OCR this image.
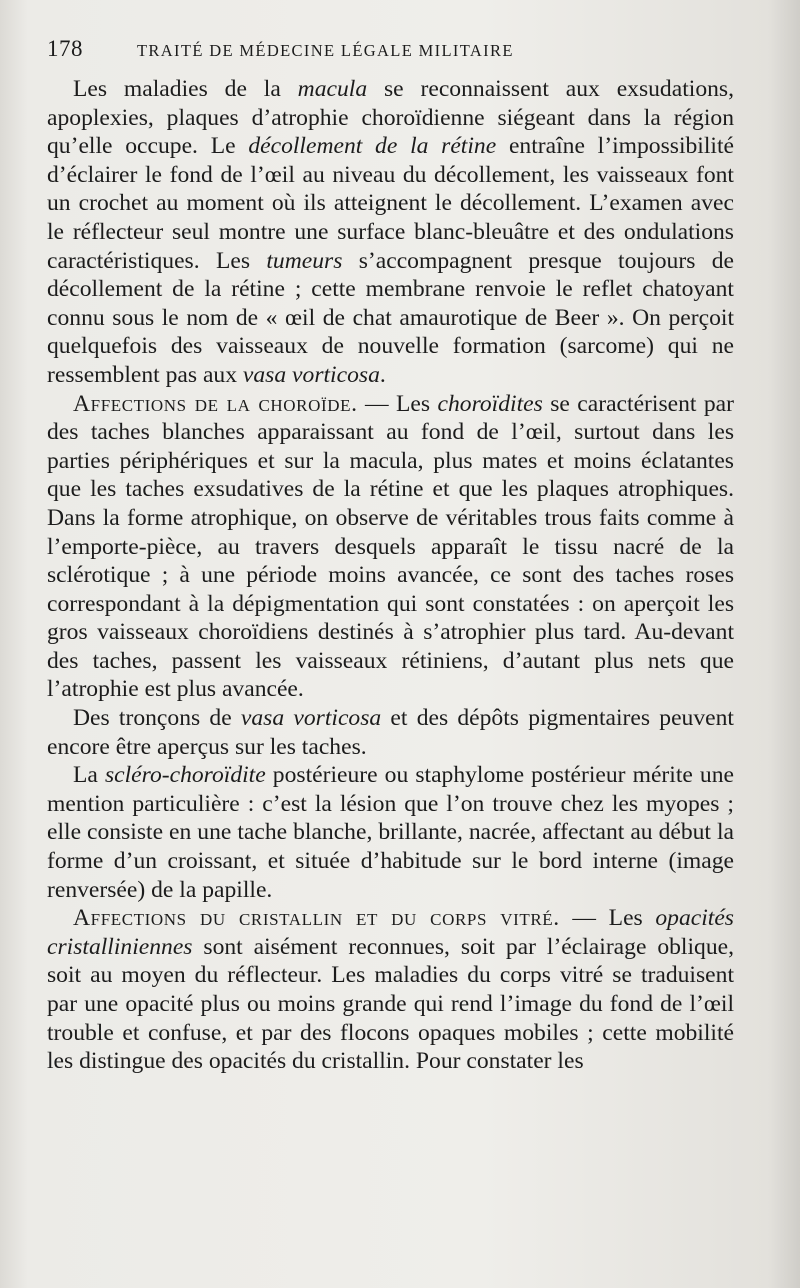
178	TRAITÉ DE MÉDECINE LÉGALE MILITAIRE

Les maladies de la macula se reconnaissent aux exsudations, apoplexies, plaques d’atrophie choroïdienne siégeant dans la région qu’elle occupe. Le décollement de la rétine entraîne l’impossibilité d’éclairer le fond de l’œil au niveau du décollement, les vaisseaux font un crochet au moment où ils atteignent le décollement. L’examen avec le réflecteur seul montre une surface blanc-bleuâtre et des ondulations caractéristiques. Les tumeurs s’accompagnent presque toujours de décollement de la rétine ; cette membrane renvoie le reflet chatoyant connu sous le nom de « œil de chat amaurotique de Beer ». On perçoit quelquefois des vaisseaux de nouvelle formation (sarcome) qui ne ressemblent pas aux vasa vorticosa.

Affections de la choroïde. — Les choroïdites se caractérisent par des taches blanches apparaissant au fond de l’œil, surtout dans les parties périphériques et sur la macula, plus mates et moins éclatantes que les taches exsudatives de la rétine et que les plaques atrophiques. Dans la forme atrophique, on observe de véritables trous faits comme à l’emporte-pièce, au travers desquels apparaît le tissu nacré de la sclérotique ; à une période moins avancée, ce sont des taches roses correspondant à la dépigmentation qui sont constatées : on aperçoit les gros vaisseaux choroïdiens destinés à s’atrophier plus tard. Au-devant des taches, passent les vaisseaux rétiniens, d’autant plus nets que l’atrophie est plus avancée.

Des tronçons de vasa vorticosa et des dépôts pigmentaires peuvent encore être aperçus sur les taches.

La scléro-choroïdite postérieure ou staphylome postérieur mérite une mention particulière : c’est la lésion que l’on trouve chez les myopes ; elle consiste en une tache blanche, brillante, nacrée, affectant au début la forme d’un croissant, et située d’habitude sur le bord interne (image renversée) de la papille.

Affections du cristallin et du corps vitré. — Les opacités cristalliniennes sont aisément reconnues, soit par l’éclairage oblique, soit au moyen du réflecteur. Les maladies du corps vitré se traduisent par une opacité plus ou moins grande qui rend l’image du fond de l’œil trouble et confuse, et par des flocons opaques mobiles ; cette mobilité les distingue des opacités du cristallin. Pour constater les
